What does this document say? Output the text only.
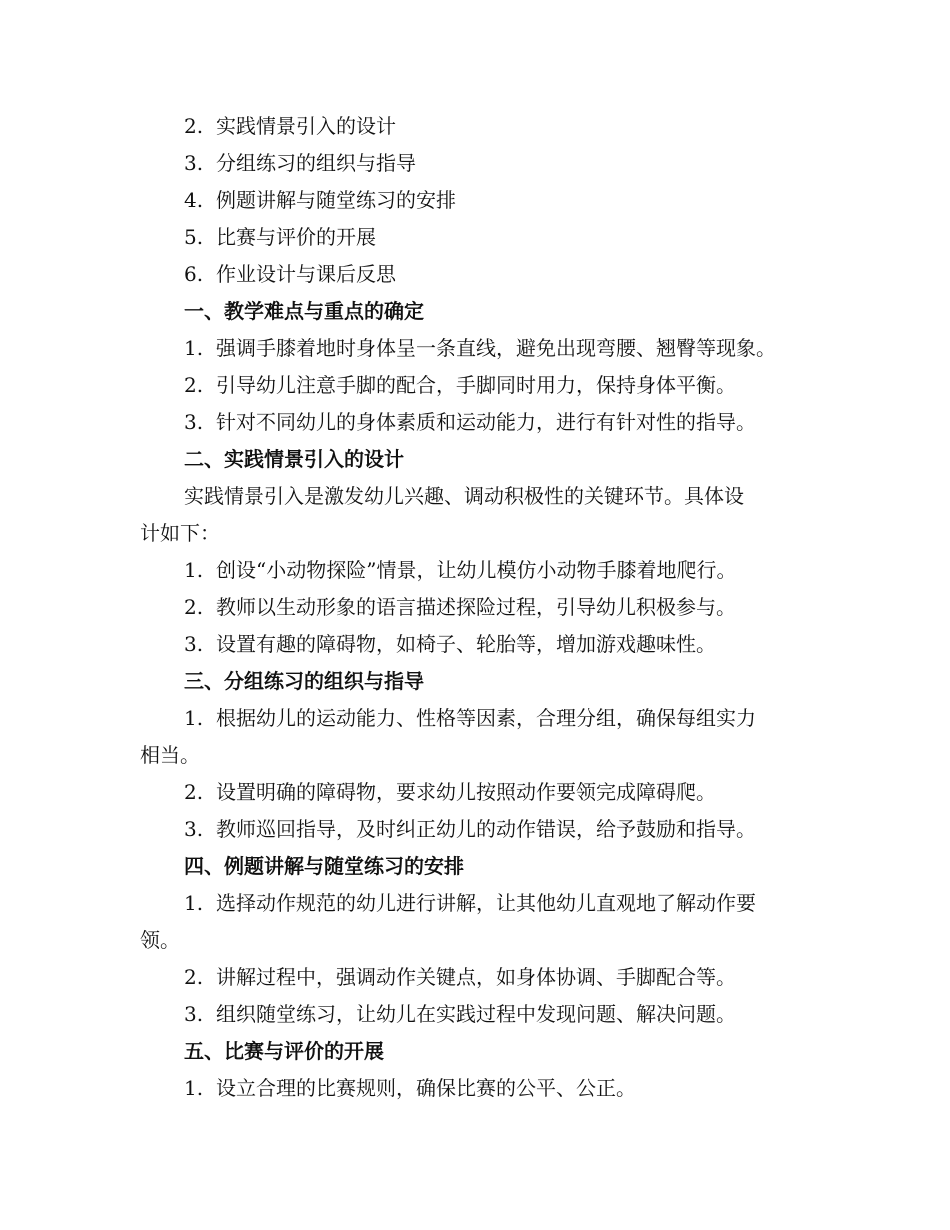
2. 实践情景引入的设计
3. 分组练习的组织与指导
4. 例题讲解与随堂练习的安排
5. 比赛与评价的开展
6. 作业设计与课后反思
一、教学难点与重点的确定
1. 强调手膝着地时身体呈一条直线，避免出现弯腰、翘臀等现象。
2. 引导幼儿注意手脚的配合，手脚同时用力，保持身体平衡。
3. 针对不同幼儿的身体素质和运动能力，进行有针对性的指导。
二、实践情景引入的设计
实践情景引入是激发幼儿兴趣、调动积极性的关键环节。具体设
计如下：
1. 创设“小动物探险”情景，让幼儿模仿小动物手膝着地爬行。
2. 教师以生动形象的语言描述探险过程，引导幼儿积极参与。
3. 设置有趣的障碍物，如椅子、轮胎等，增加游戏趣味性。
三、分组练习的组织与指导
1. 根据幼儿的运动能力、性格等因素，合理分组，确保每组实力
相当。
2. 设置明确的障碍物，要求幼儿按照动作要领完成障碍爬。
3. 教师巡回指导，及时纠正幼儿的动作错误，给予鼓励和指导。
四、例题讲解与随堂练习的安排
1. 选择动作规范的幼儿进行讲解，让其他幼儿直观地了解动作要
领。
2. 讲解过程中，强调动作关键点，如身体协调、手脚配合等。
3. 组织随堂练习，让幼儿在实践过程中发现问题、解决问题。
五、比赛与评价的开展
1. 设立合理的比赛规则，确保比赛的公平、公正。
